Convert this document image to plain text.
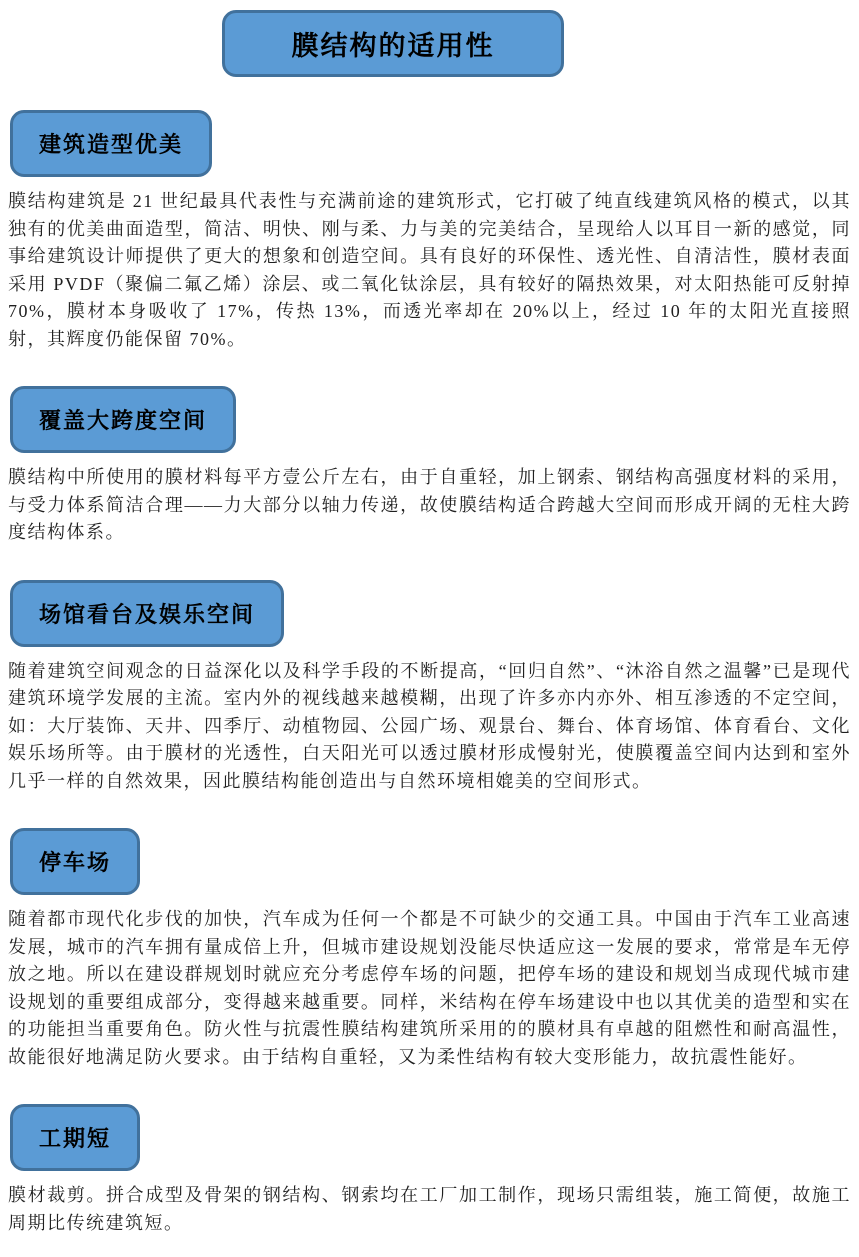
膜结构的适用性
建筑造型优美
膜结构建筑是 21 世纪最具代表性与充满前途的建筑形式，它打破了纯直线建筑风格的模式，以其独有的优美曲面造型，简洁、明快、刚与柔、力与美的完美结合，呈现给人以耳目一新的感觉，同事给建筑设计师提供了更大的想象和创造空间。具有良好的环保性、透光性、自清洁性，膜材表面采用 PVDF（聚偏二氟乙烯）涂层、或二氧化钛涂层，具有较好的隔热效果，对太阳热能可反射掉 70%，膜材本身吸收了 17%，传热 13%，而透光率却在 20%以上，经过 10 年的太阳光直接照射，其辉度仍能保留 70%。
覆盖大跨度空间
膜结构中所使用的膜材料每平方壹公斤左右，由于自重轻，加上钢索、钢结构高强度材料的采用，与受力体系简洁合理——力大部分以轴力传递，故使膜结构适合跨越大空间而形成开阔的无柱大跨度结构体系。
场馆看台及娱乐空间
随着建筑空间观念的日益深化以及科学手段的不断提高，“回归自然”、“沐浴自然之温馨”已是现代建筑环境学发展的主流。室内外的视线越来越模糊，出现了许多亦内亦外、相互渗透的不定空间，如：大厅装饰、天井、四季厅、动植物园、公园广场、观景台、舞台、体育场馆、体育看台、文化娱乐场所等。由于膜材的光透性，白天阳光可以透过膜材形成慢射光，使膜覆盖空间内达到和室外几乎一样的自然效果，因此膜结构能创造出与自然环境相媲美的空间形式。
停车场
随着都市现代化步伐的加快，汽车成为任何一个都是不可缺少的交通工具。中国由于汽车工业高速发展，城市的汽车拥有量成倍上升，但城市建设规划没能尽快适应这一发展的要求，常常是车无停放之地。所以在建设群规划时就应充分考虑停车场的问题，把停车场的建设和规划当成现代城市建设规划的重要组成部分，变得越来越重要。同样，米结构在停车场建设中也以其优美的造型和实在的功能担当重要角色。防火性与抗震性膜结构建筑所采用的的膜材具有卓越的阻燃性和耐高温性，故能很好地满足防火要求。由于结构自重轻，又为柔性结构有较大变形能力，故抗震性能好。
工期短
膜材裁剪。拼合成型及骨架的钢结构、钢索均在工厂加工制作，现场只需组装，施工简便，故施工周期比传统建筑短。
